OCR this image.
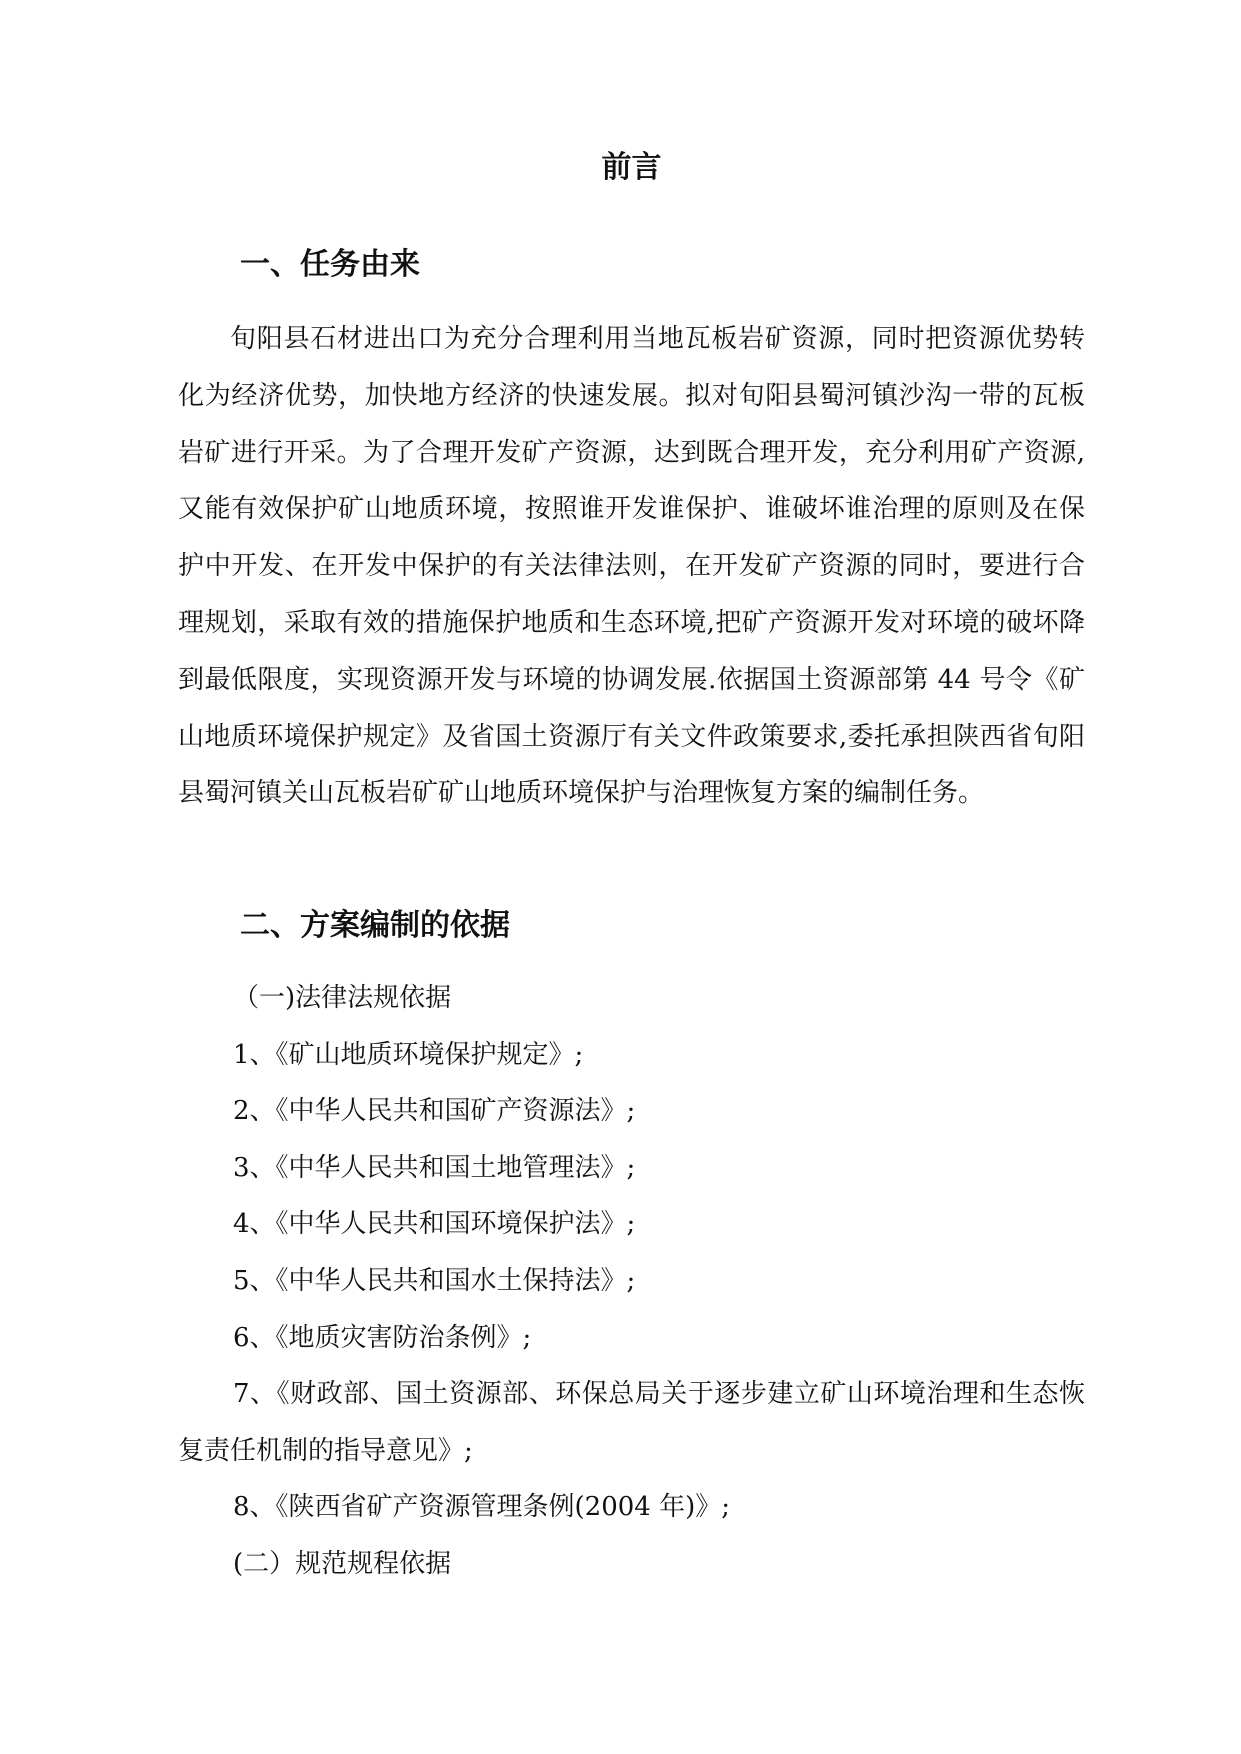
前言
一、任务由来

旬阳县石材进出口为充分合理利用当地瓦板岩矿资源，同时把资源优势转化为经济优势，加快地方经济的快速发展。拟对旬阳县蜀河镇沙沟一带的瓦板岩矿进行开采。为了合理开发矿产资源，达到既合理开发，充分利用矿产资源,又能有效保护矿山地质环境，按照谁开发谁保护、谁破坏谁治理的原则及在保护中开发、在开发中保护的有关法律法则，在开发矿产资源的同时，要进行合理规划，采取有效的措施保护地质和生态环境,把矿产资源开发对环境的破坏降到最低限度，实现资源开发与环境的协调发展.依据国土资源部第 44 号令《矿山地质环境保护规定》及省国土资源厅有关文件政策要求,委托承担陕西省旬阳县蜀河镇关山瓦板岩矿矿山地质环境保护与治理恢复方案的编制任务。

二、方案编制的依据
（一)法律法规依据
1、《矿山地质环境保护规定》;
2、《中华人民共和国矿产资源法》;
3、《中华人民共和国土地管理法》;
4、《中华人民共和国环境保护法》;
5、《中华人民共和国水土保持法》;
6、《地质灾害防治条例》;
7、《财政部、国土资源部、环保总局关于逐步建立矿山环境治理和生态恢复责任机制的指导意见》;
8、《陕西省矿产资源管理条例(2004 年)》;
(二）规范规程依据
